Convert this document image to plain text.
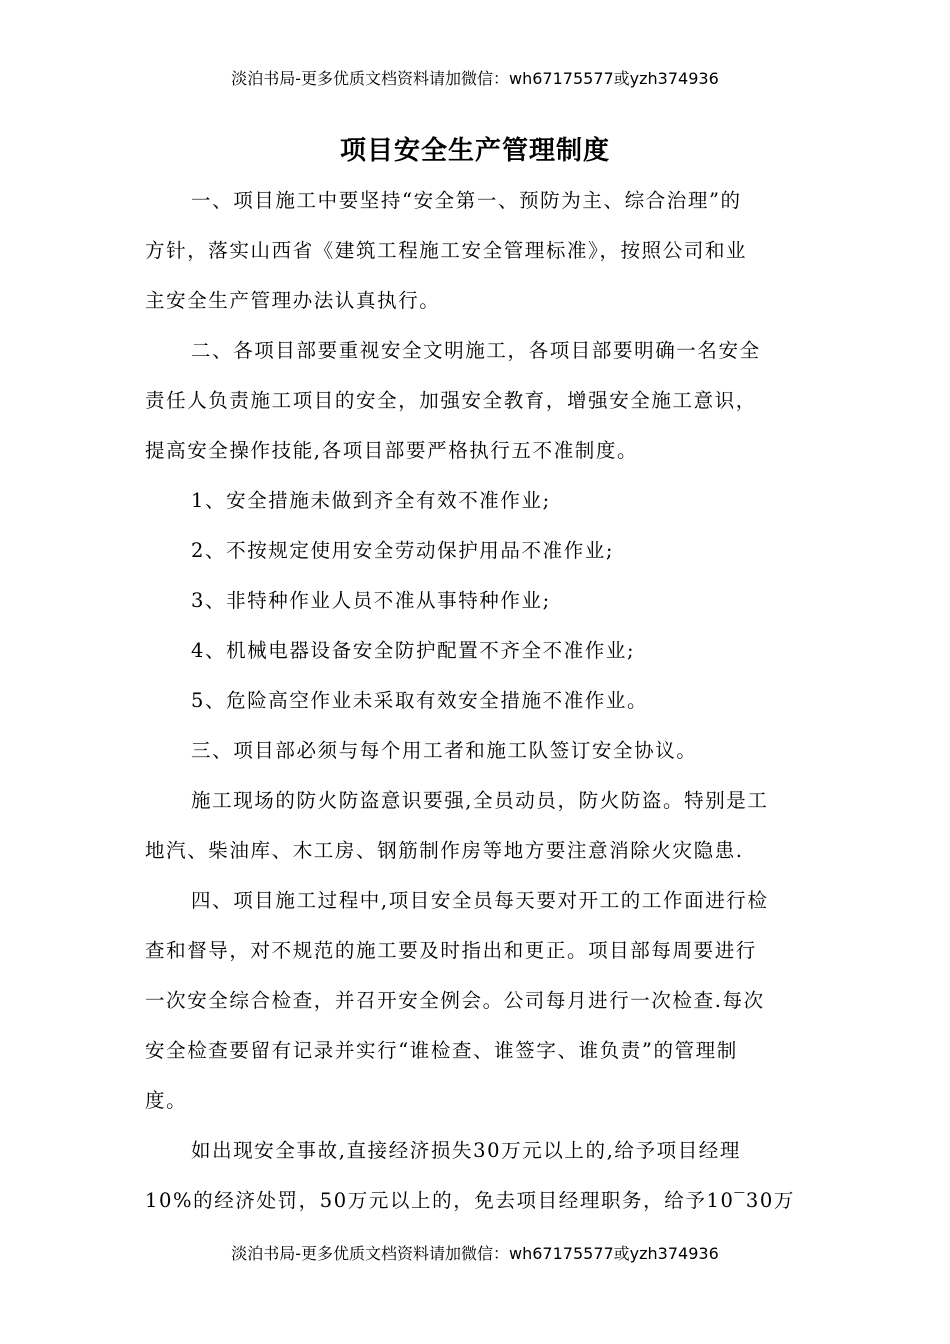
淡泊书局-更多优质文档资料请加微信：wh67175577或yzh374936
项目安全生产管理制度
一、项目施工中要坚持“安全第一、预防为主、综合治理”的
方针，落实山西省《建筑工程施工安全管理标准》，按照公司和业
主安全生产管理办法认真执行。
二、各项目部要重视安全文明施工，各项目部要明确一名安全
责任人负责施工项目的安全，加强安全教育，增强安全施工意识，
提高安全操作技能,各项目部要严格执行五不准制度。
1、安全措施未做到齐全有效不准作业;
2、不按规定使用安全劳动保护用品不准作业;
3、非特种作业人员不准从事特种作业;
4、机械电器设备安全防护配置不齐全不准作业;
5、危险高空作业未采取有效安全措施不准作业。
三、项目部必须与每个用工者和施工队签订安全协议。
施工现场的防火防盗意识要强,全员动员，防火防盗。特别是工
地汽、柴油库、木工房、钢筋制作房等地方要注意消除火灾隐患.
四、项目施工过程中,项目安全员每天要对开工的工作面进行检
查和督导，对不规范的施工要及时指出和更正。项目部每周要进行
一次安全综合检查，并召开安全例会。公司每月进行一次检查.每次
安全检查要留有记录并实行“谁检查、谁签字、谁负责”的管理制
度。
如出现安全事故,直接经济损失30万元以上的,给予项目经理
10%的经济处罚，50万元以上的，免去项目经理职务，给予10‾30万
淡泊书局-更多优质文档资料请加微信：wh67175577或yzh374936
